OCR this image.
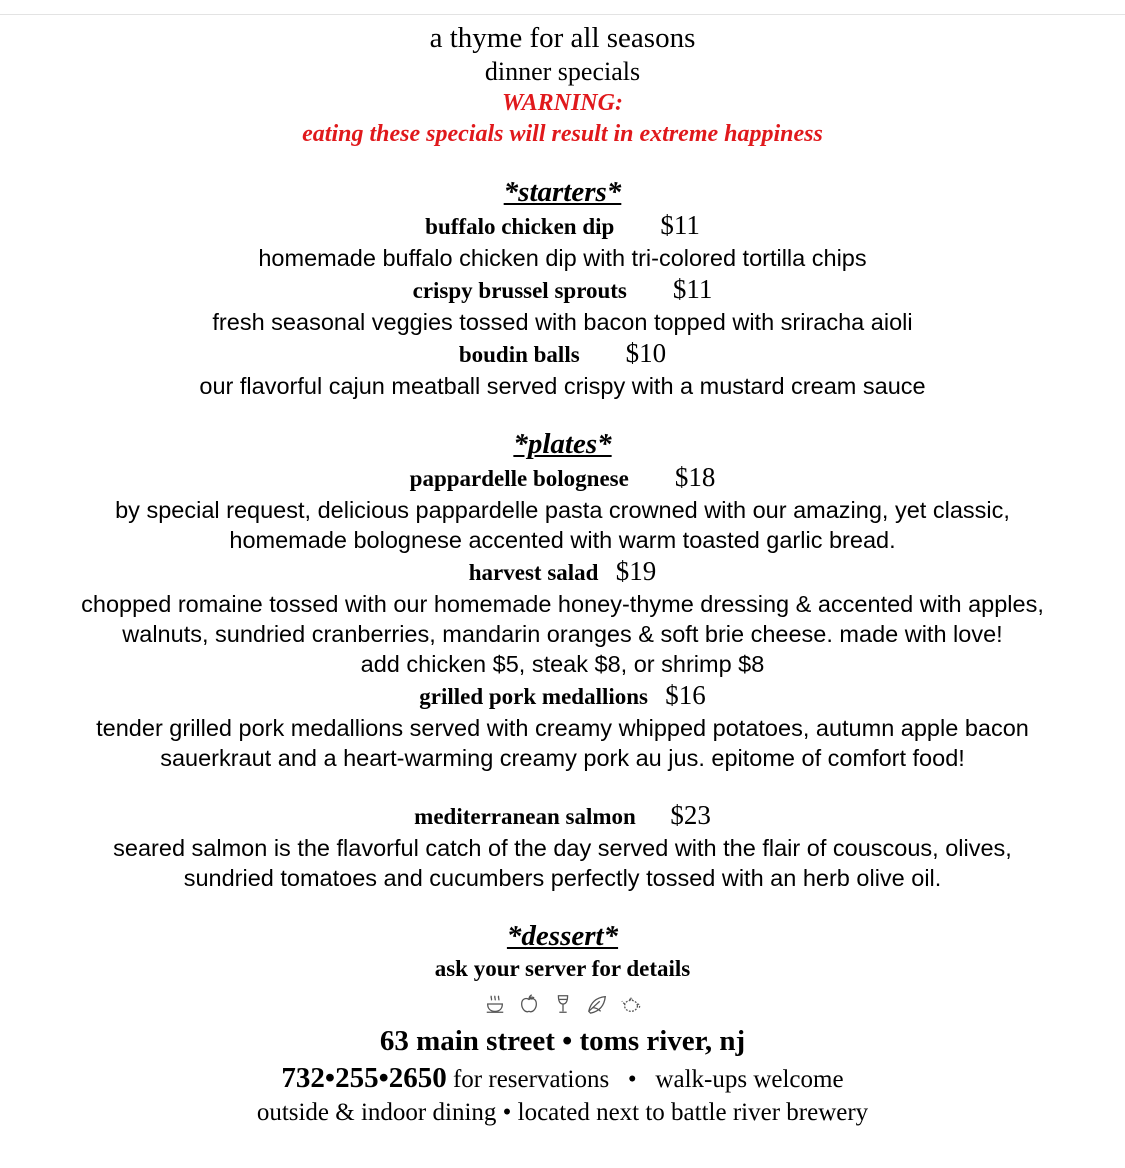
a thyme for all seasons
dinner specials
WARNING:
eating these specials will result in extreme happiness
*starters*
buffalo chicken dip $11
homemade buffalo chicken dip with tri-colored tortilla chips
crispy brussel sprouts $11
fresh seasonal veggies tossed with bacon topped with sriracha aioli
boudin balls $10
our flavorful cajun meatball served crispy with a mustard cream sauce
*plates*
pappardelle bolognese $18
by special request, delicious pappardelle pasta crowned with our amazing, yet classic,
homemade bolognese accented with warm toasted garlic bread.
harvest salad $19
chopped romaine tossed with our homemade honey-thyme dressing & accented with apples,
walnuts, sundried cranberries, mandarin oranges & soft brie cheese. made with love!
add chicken $5, steak $8, or shrimp $8
grilled pork medallions $16
tender grilled pork medallions served with creamy whipped potatoes, autumn apple bacon
sauerkraut and a heart-warming creamy pork au jus. epitome of comfort food!
mediterranean salmon $23
seared salmon is the flavorful catch of the day served with the flair of couscous, olives,
sundried tomatoes and cucumbers perfectly tossed with an herb olive oil.
*dessert*
ask your server for details
63 main street • toms river, nj
732•255•2650 for reservations   •   walk-ups welcome
outside & indoor dining • located next to battle river brewery
